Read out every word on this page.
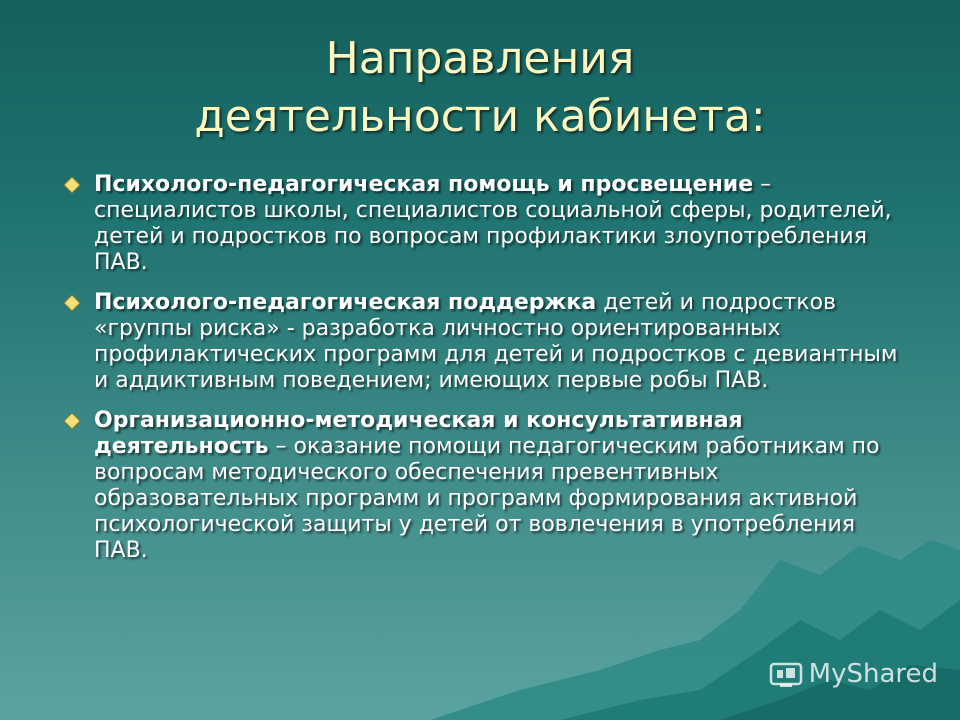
Направления
деятельности кабинета:
Психолого-педагогическая помощь и просвещение – специалистов школы, специалистов социальной сферы, родителей, детей и подростков по вопросам профилактики злоупотребления ПАВ.
Психолого-педагогическая поддержка детей и подростков «группы риска» - разработка личностно ориентированных профилактических программ для детей и подростков с девиантным и аддиктивным поведением; имеющих первые робы ПАВ.
Организационно-методическая и консультативная деятельность – оказание помощи педагогическим работникам по вопросам методического обеспечения превентивных образовательных программ и программ формирования активной психологической защиты у детей от вовлечения в употребления ПАВ.
MyShared
